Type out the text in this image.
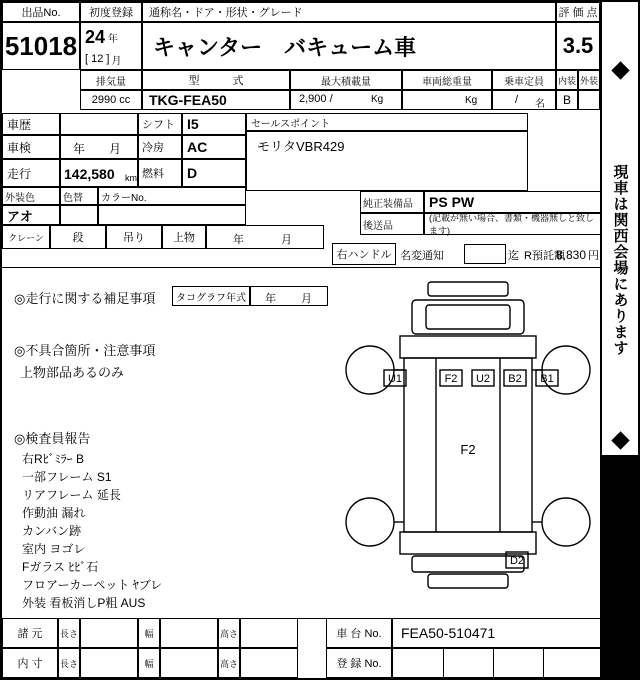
現車は関西会場にあります
出品No.	初度登録 通称名・ドア・形状・グレード	評 価 点
51018 24 年
[ 12 ] 月
キャンター　バキューム車	3.5
排気量	型　　　式	最大積載量	車両総重量	乗車定員 内装 外装
2990 cc TKG-FEA50	2,900 /	Kg	Kg	/ 名 B
車歴
車検	年 月
シフト I5
冷房 AC
走行 142,580 km 燃料 D
外装色	色替 カラーNo.
アオ
クレーン	段	吊り	上物	年	月
セールスポイント
モリタVBR429
純正装備品 PS PW
後送品
(記載が無い場合、書類・機器無しと致します)
右ハンドル 名変通知	迄 R預託額
8,830 円
◎走行に関する補足事項	タコグラフ年式 年 月
◎不具合箇所・注意事項
上物部品あるのみ
◎検査員報告
右Rﾋﾞﾐﾗｰ B
一部フレーム S1
リアフレーム 延長
作動油 漏れ
カンバン跡
室内 ヨゴレ
Fガラス ﾋﾋﾞ石
フロアーカーペット ﾔブレ
外装 看板消しP粗 AUS
U1	F2 U2 B2 B1
F2
D2
諸 元 長さ	幅	高さ	車 台 No. FEA50-510471
内 寸 長さ	幅	高さ	登 録 No.
